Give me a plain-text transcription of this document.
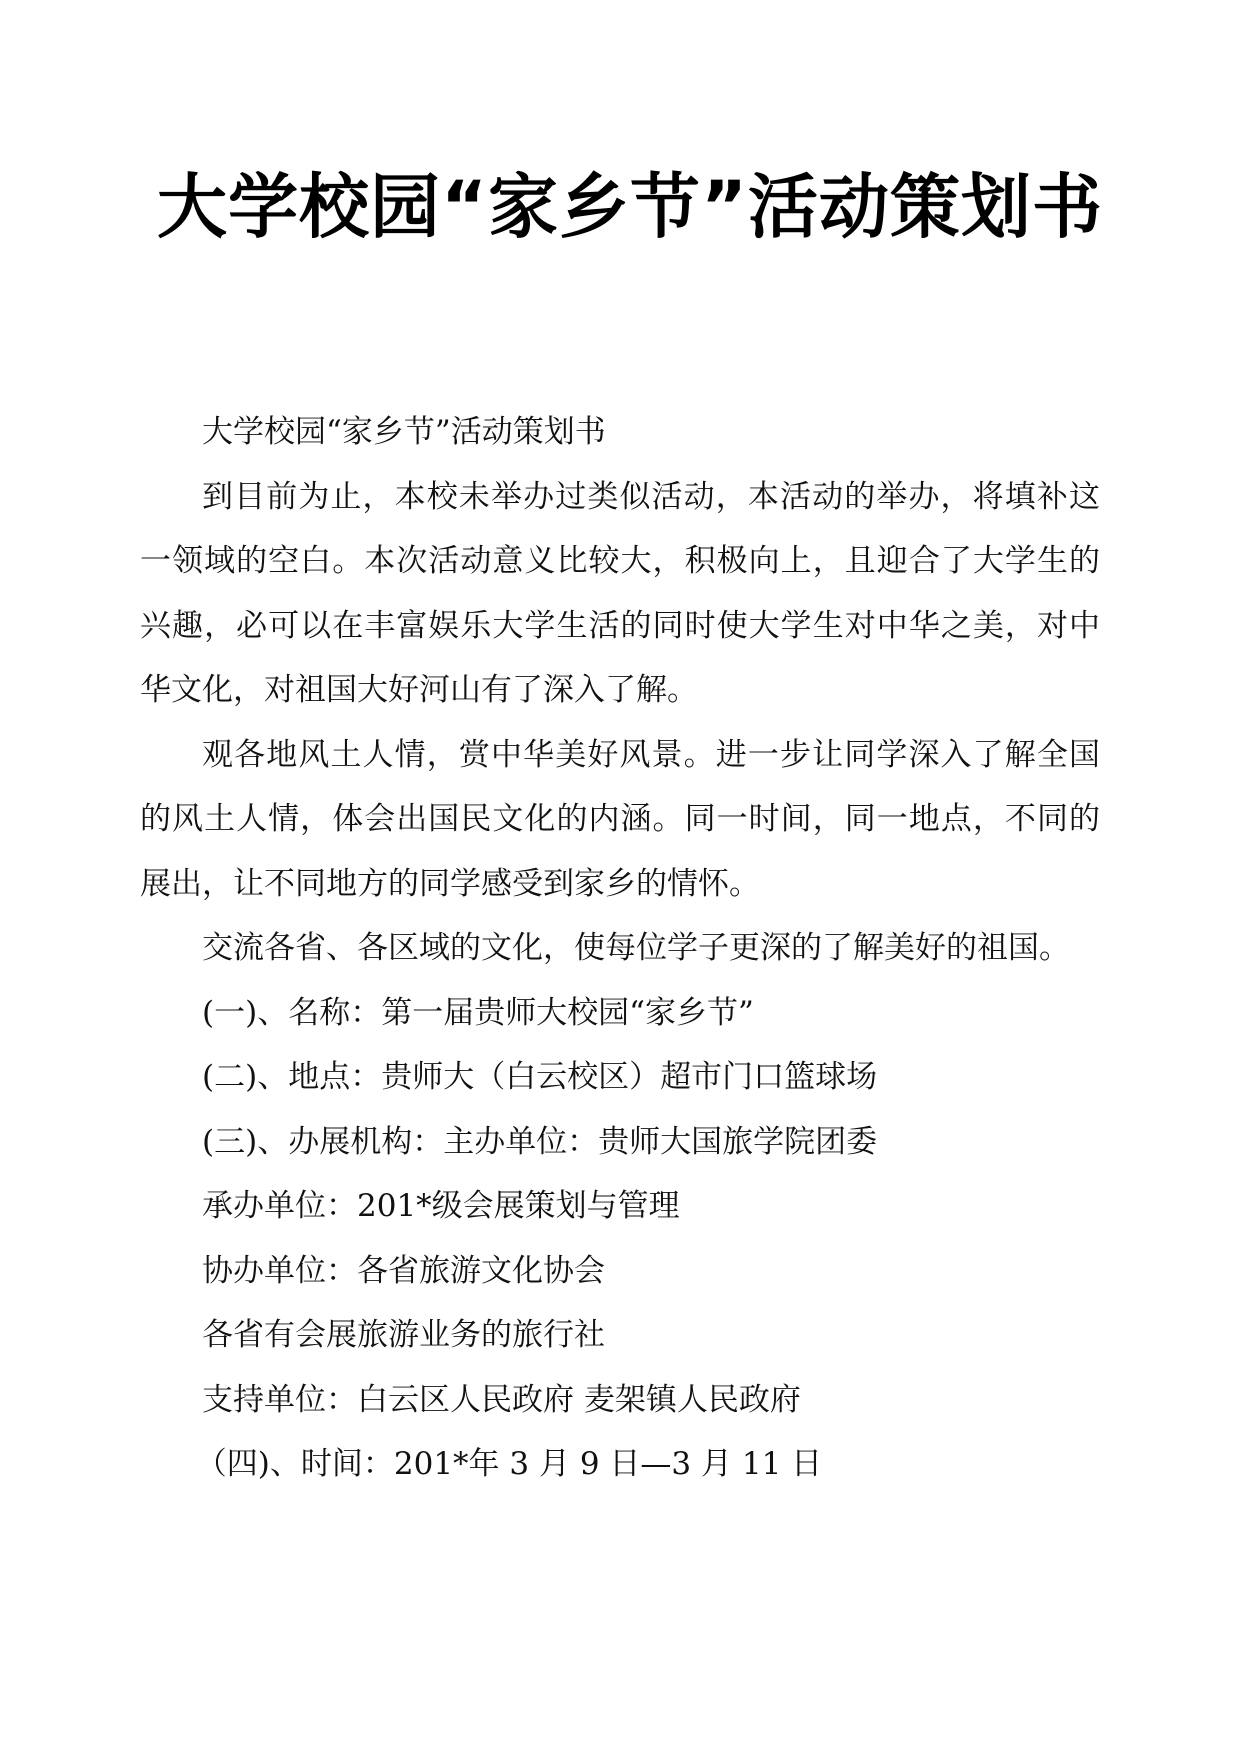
大学校园“家乡节”活动策划书

大学校园“家乡节”活动策划书

到目前为止，本校未举办过类似活动，本活动的举办，将填补这一领域的空白。本次活动意义比较大，积极向上，且迎合了大学生的兴趣，必可以在丰富娱乐大学生活的同时使大学生对中华之美，对中华文化，对祖国大好河山有了深入了解。

观各地风土人情，赏中华美好风景。进一步让同学深入了解全国的风土人情，体会出国民文化的内涵。同一时间，同一地点，不同的展出，让不同地方的同学感受到家乡的情怀。

交流各省、各区域的文化，使每位学子更深的了解美好的祖国。

(一)、名称：第一届贵师大校园“家乡节”

(二)、地点：贵师大（白云校区）超市门口篮球场

(三)、办展机构：主办单位：贵师大国旅学院团委

承办单位：201*级会展策划与管理

协办单位：各省旅游文化协会

各省有会展旅游业务的旅行社

支持单位：白云区人民政府 麦架镇人民政府

（四)、时间：201*年 3 月 9 日—3 月 11 日
